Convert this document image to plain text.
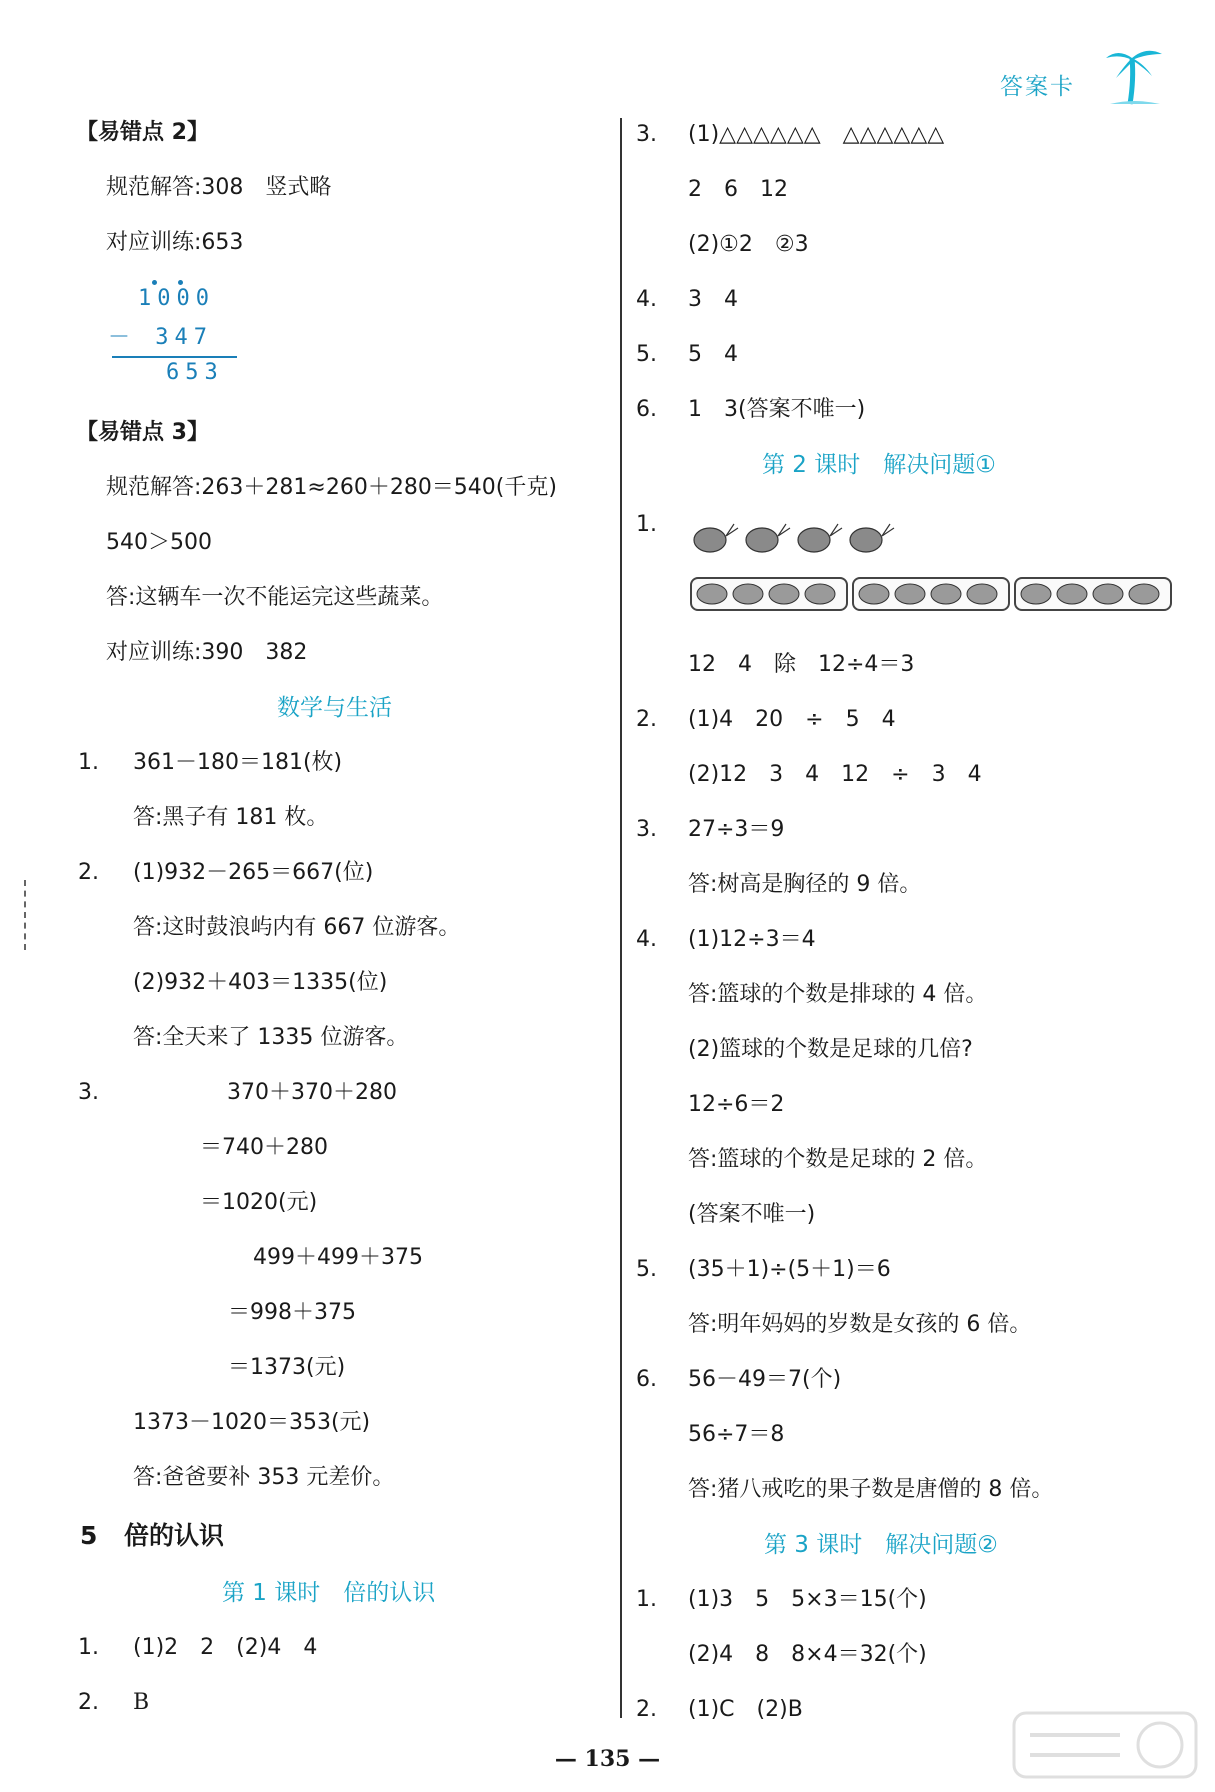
答案卡
【易错点 2】
规范解答:308　竖式略
对应训练:653
1000
－ 347
653
【易错点 3】
规范解答:263＋281≈260＋280＝540(千克)
540＞500
答:这辆车一次不能运完这些蔬菜。
对应训练:390　382
数学与生活
1. 361－180＝181(枚)
答:黑子有 181 枚。
2. (1)932－265＝667(位)
答:这时鼓浪屿内有 667 位游客。
(2)932＋403＝1335(位)
答:全天来了 1335 位游客。
3.	370＋370＋280
＝740＋280
＝1020(元)
499＋499＋375
＝998＋375
＝1373(元)
1373－1020＝353(元)
答:爸爸要补 353 元差价。
5 倍的认识
第 1 课时　倍的认识
1. (1)2　2　(2)4　4
2. B
3. (1)△△△△△△　△△△△△△
2　6　12
(2)①2　②3
4. 3　4
5. 5　4
6. 1　3(答案不唯一)
第 2 课时　解决问题①
1.
12　4　除　12÷4＝3
2. (1)4　20　÷　5　4
(2)12　3　4　12　÷　3　4
3. 27÷3＝9
答:树高是胸径的 9 倍。
4. (1)12÷3＝4
答:篮球的个数是排球的 4 倍。
(2)篮球的个数是足球的几倍?
12÷6＝2
答:篮球的个数是足球的 2 倍。
(答案不唯一)
5. (35＋1)÷(5＋1)＝6
答:明年妈妈的岁数是女孩的 6 倍。
6. 56－49＝7(个)
56÷7＝8
答:猪八戒吃的果子数是唐僧的 8 倍。
第 3 课时　解决问题②
1. (1)3　5　5×3＝15(个)
(2)4　8　8×4＝32(个)
2. (1)C　(2)B
— 135 —
